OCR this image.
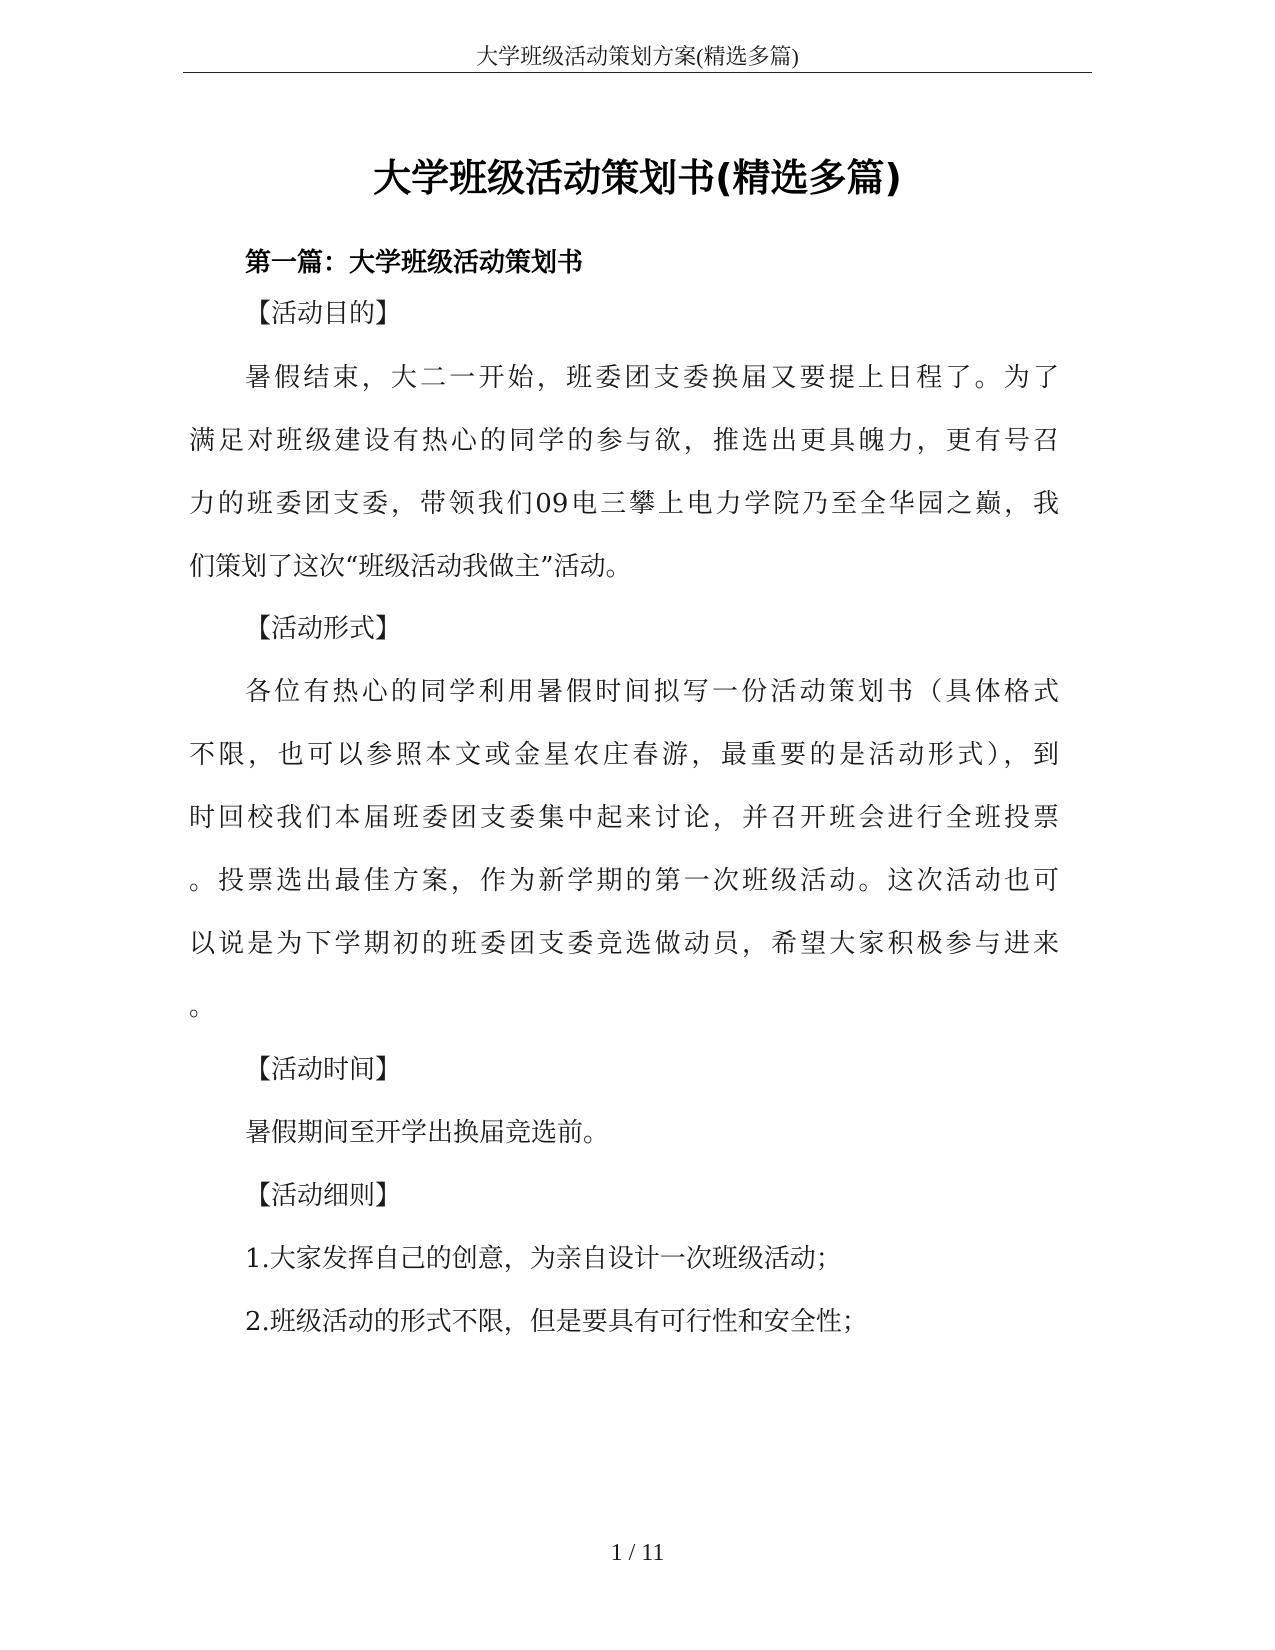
大学班级活动策划方案(精选多篇)
大学班级活动策划书(精选多篇)
第一篇：大学班级活动策划书
【活动目的】
暑假结束，大二一开始，班委团支委换届又要提上日程了。为了
满足对班级建设有热心的同学的参与欲，推选出更具魄力，更有号召
力的班委团支委，带领我们09电三攀上电力学院乃至全华园之巅，我
们策划了这次“班级活动我做主”活动。
【活动形式】
各位有热心的同学利用暑假时间拟写一份活动策划书（具体格式
不限，也可以参照本文或金星农庄春游，最重要的是活动形式），到
时回校我们本届班委团支委集中起来讨论，并召开班会进行全班投票
。投票选出最佳方案，作为新学期的第一次班级活动。这次活动也可
以说是为下学期初的班委团支委竞选做动员，希望大家积极参与进来
。
【活动时间】
暑假期间至开学出换届竞选前。
【活动细则】
1.大家发挥自己的创意，为亲自设计一次班级活动；
2.班级活动的形式不限，但是要具有可行性和安全性；
1 / 11
